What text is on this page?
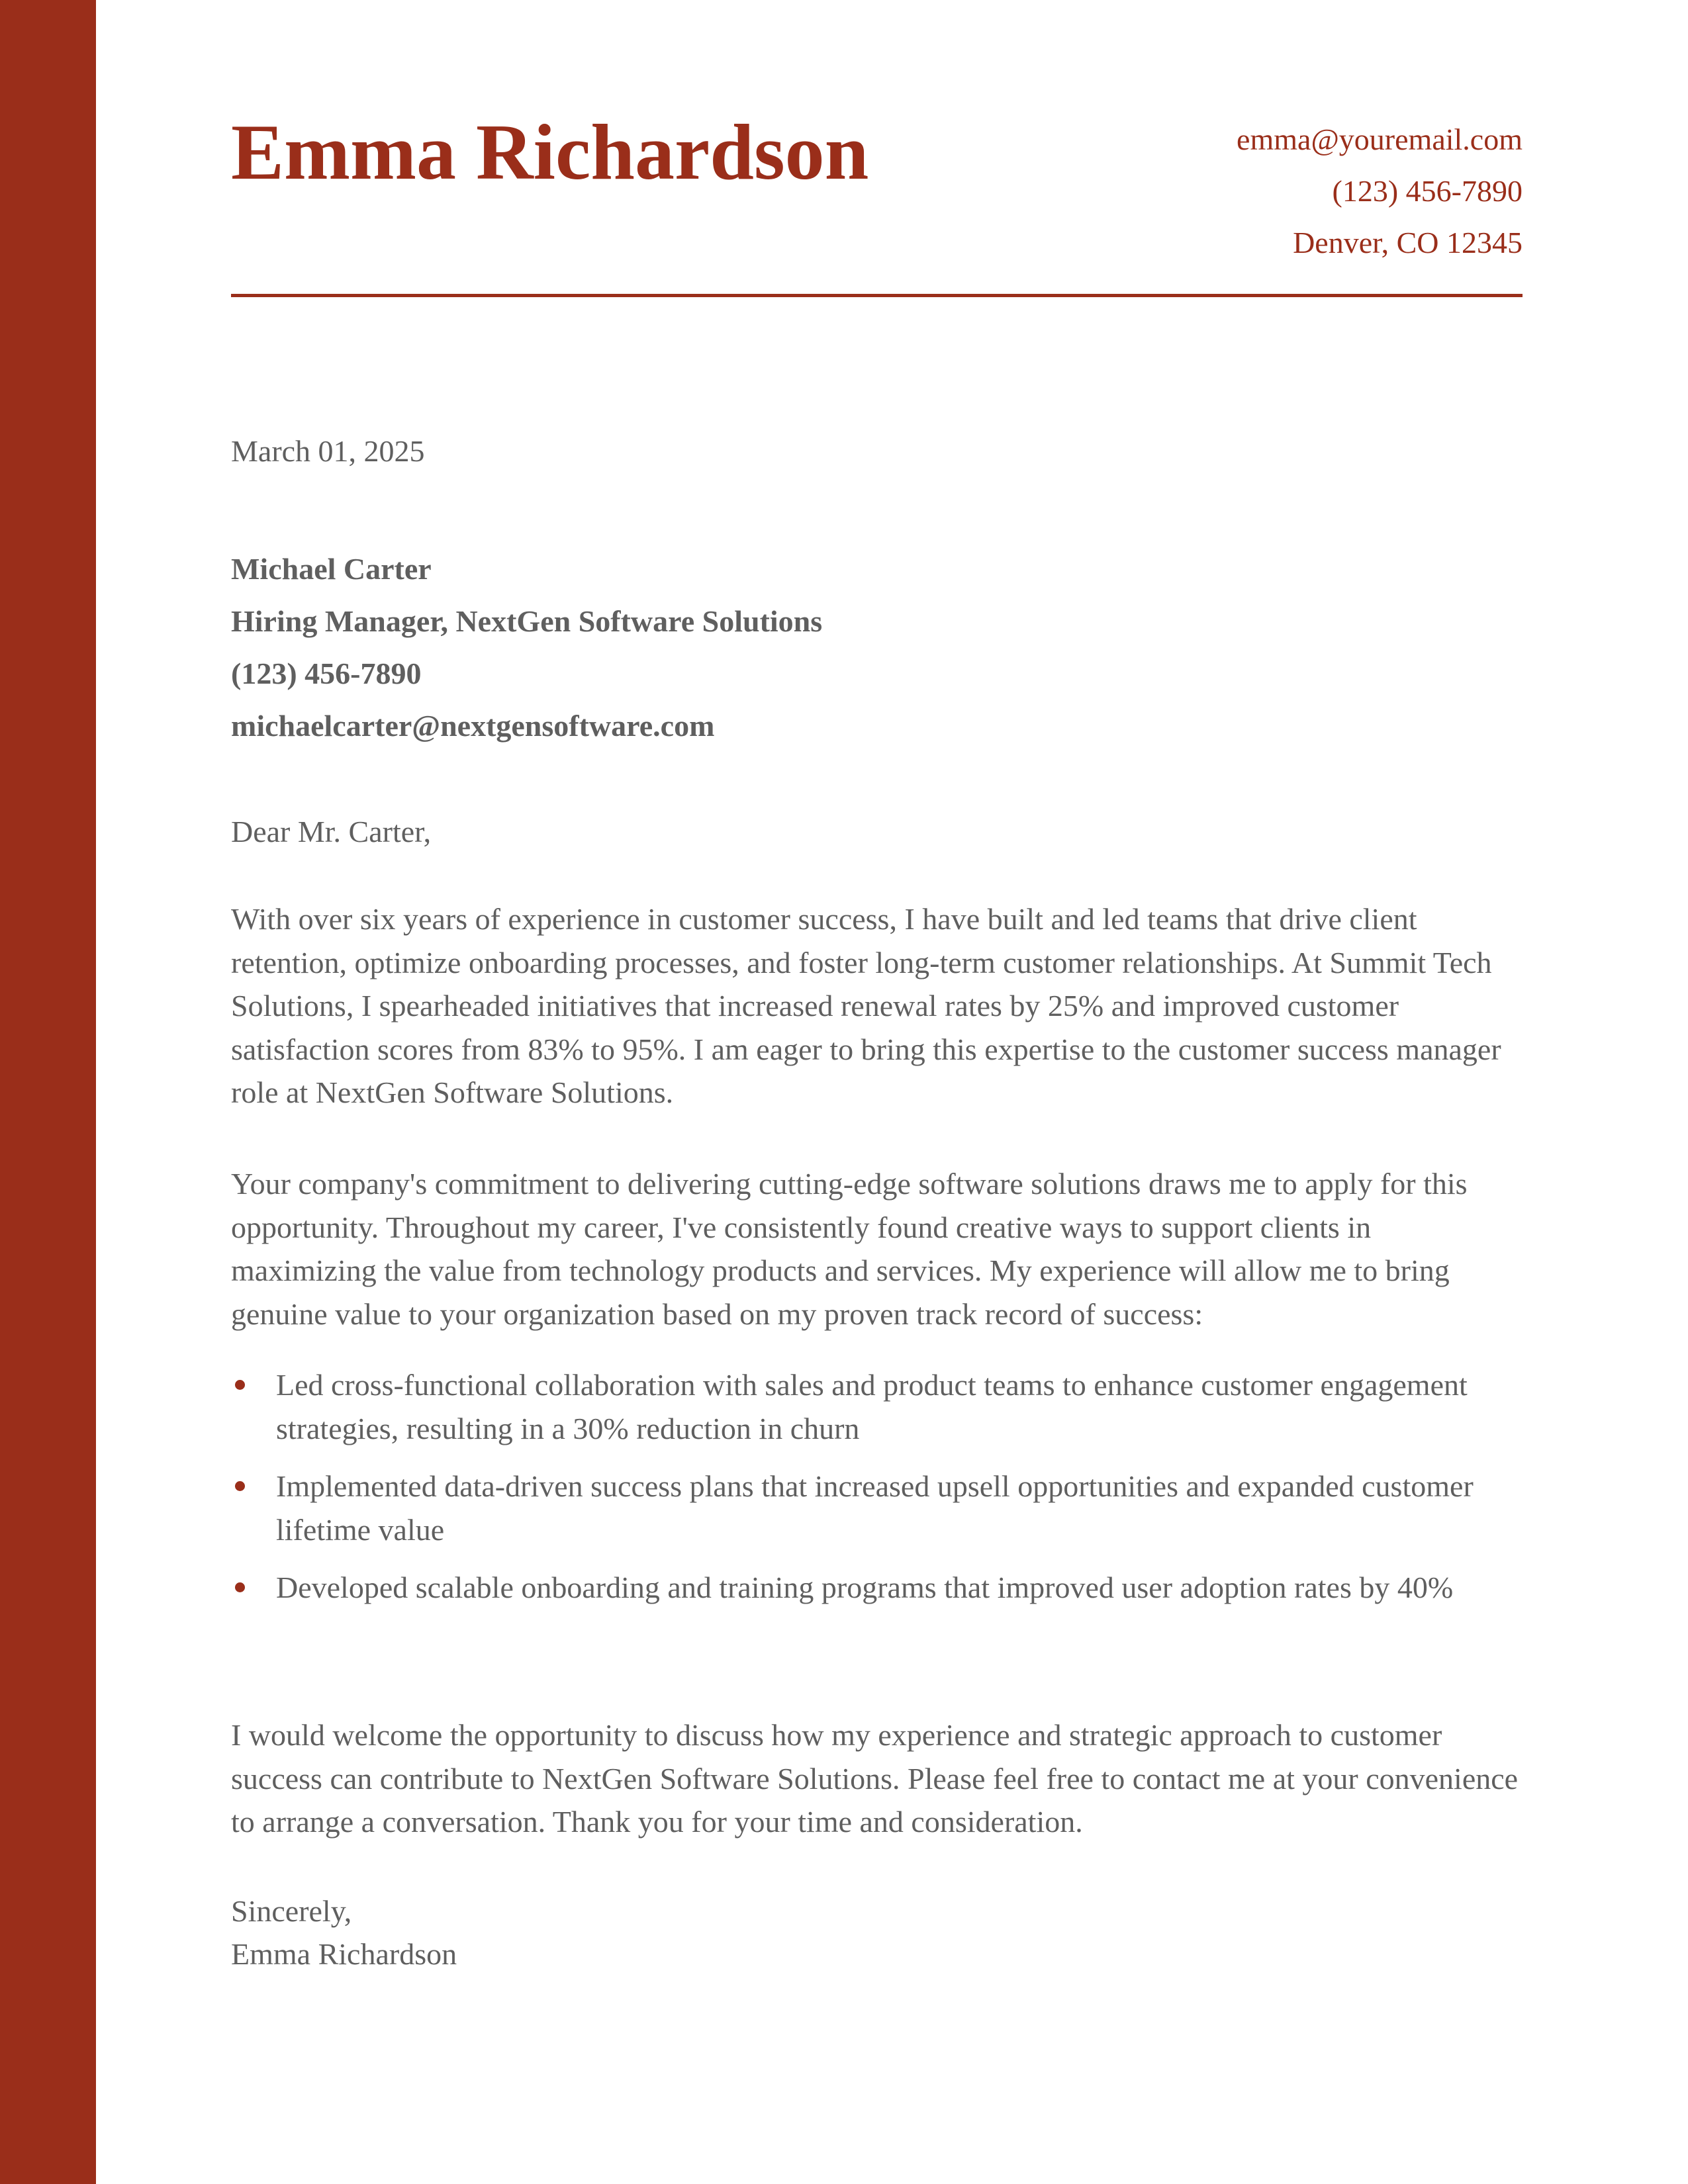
Emma Richardson	emma@youremail.com
(123) 456-7890
Denver, CO 12345
March 01, 2025
Michael Carter
Hiring Manager, NextGen Software Solutions
(123) 456-7890
michaelcarter@nextgensoftware.com
Dear Mr. Carter,

With over six years of experience in customer success, I have built and led teams that drive client retention, optimize onboarding processes, and foster long-term customer relationships. At Summit Tech Solutions, I spearheaded initiatives that increased renewal rates by 25% and improved customer satisfaction scores from 83% to 95%. I am eager to bring this expertise to the customer success manager role at NextGen Software Solutions.

Your company's commitment to delivering cutting-edge software solutions draws me to apply for this opportunity. Throughout my career, I've consistently found creative ways to support clients in maximizing the value from technology products and services. My experience will allow me to bring genuine value to your organization based on my proven track record of success:

Led cross-functional collaboration with sales and product teams to enhance customer engagement strategies, resulting in a 30% reduction in churn
Implemented data-driven success plans that increased upsell opportunities and expanded customer lifetime value
Developed scalable onboarding and training programs that improved user adoption rates by 40%

I would welcome the opportunity to discuss how my experience and strategic approach to customer success can contribute to NextGen Software Solutions. Please feel free to contact me at your convenience to arrange a conversation. Thank you for your time and consideration.

Sincerely,
Emma Richardson
